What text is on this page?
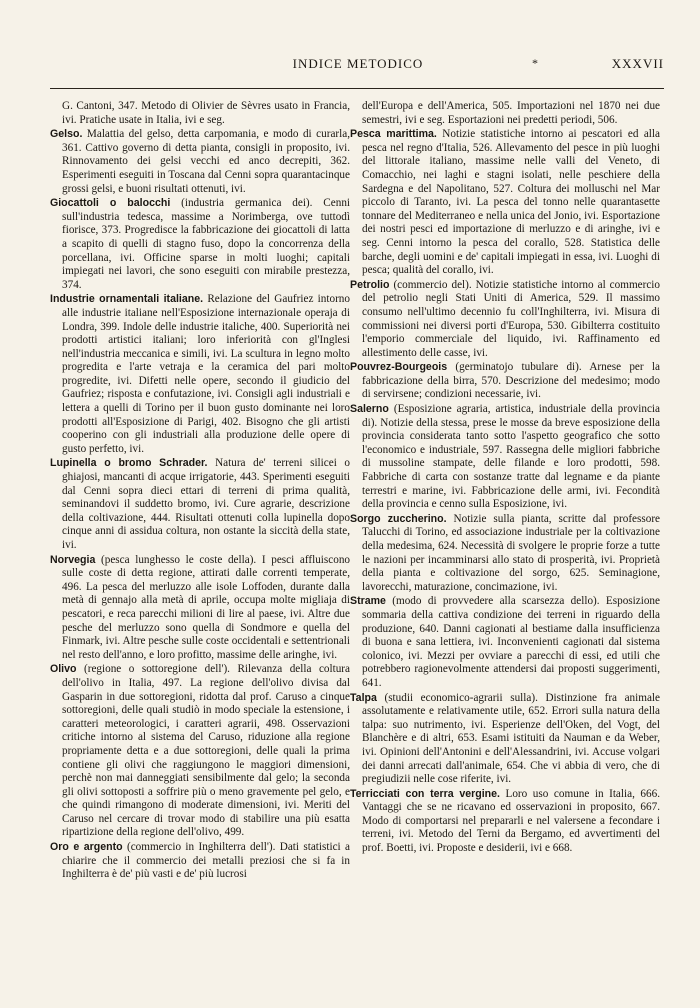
INDICE METODICO	*	XXXVII

G. Cantoni, 347. Metodo di Olivier de Sèvres usato in Francia, ivi. Pratiche usate in Italia, ivi e seg.

Gelso. Malattia del gelso, detta carpomania, e modo di curarla, 361. Cattivo governo di detta pianta, consigli in proposito, ivi. Rinnovamento dei gelsi vecchi ed anco decrepiti, 362. Esperimenti eseguiti in Toscana dal Cenni sopra quarantacinque grossi gelsi, e buoni risultati ottenuti, ivi.

Giocattoli o balocchi (industria germanica dei). Cenni sull'industria tedesca, massime a Norimberga, ove tuttodì fiorisce, 373. Progredisce la fabbricazione dei giocattoli di latta a scapito di quelli di stagno fuso, dopo la concorrenza della porcellana, ivi. Officine sparse in molti luoghi; capitali impiegati nei lavori, che sono eseguiti con mirabile prestezza, 374.

Industrie ornamentali italiane. Relazione del Gaufriez intorno alle industrie italiane nell'Esposizione internazionale operaja di Londra, 399. Indole delle industrie italiche, 400. Superiorità nei prodotti artistici italiani; loro inferiorità con gl'Inglesi nell'industria meccanica e simili, ivi. La scultura in legno molto progredita e l'arte vetraja e la ceramica del pari molto progredite, ivi. Difetti nelle opere, secondo il giudicio del Gaufriez; risposta e confutazione, ivi. Consigli agli industriali e lettera a quelli di Torino per il buon gusto dominante nei loro prodotti all'Esposizione di Parigi, 402. Bisogno che gli artisti cooperino con gli industriali alla produzione delle opere di gusto perfetto, ivi.

Lupinella o bromo Schrader. Natura de' terreni silicei o ghiajosi, mancanti di acque irrigatorie, 443. Sperimenti eseguiti dal Cenni sopra dieci ettari di terreni di prima qualità, seminandovi il suddetto bromo, ivi. Cure agrarie, descrizione della coltivazione, 444. Risultati ottenuti colla lupinella dopo cinque anni di assidua coltura, non ostante la siccità della state, ivi.

Norvegia (pesca lunghesso le coste della). I pesci affluiscono sulle coste di detta regione, attirati dalle correnti temperate, 496. La pesca del merluzzo alle isole Loffoden, durante dalla metà di gennajo alla metà di aprile, occupa molte migliaja di pescatori, e reca parecchi milioni di lire al paese, ivi. Altre due pesche del merluzzo sono quella di Sondmore e quella del Finmark, ivi. Altre pesche sulle coste occidentali e settentrionali nel resto dell'anno, e loro profitto, massime delle aringhe, ivi.

Olivo (regione o sottoregione dell'). Rilevanza della coltura dell'olivo in Italia, 497. La regione dell'olivo divisa dal Gasparin in due sottoregioni, ridotta dal prof. Caruso a cinque sottoregioni, delle quali studiò in modo speciale la estensione, i caratteri meteorologici, i caratteri agrarii, 498. Osservazioni critiche intorno al sistema del Caruso, riduzione alla regione propriamente detta e a due sottoregioni, delle quali la prima contiene gli olivi che raggiungono le maggiori dimensioni, perchè non mai danneggiati sensibilmente dal gelo; la seconda gli olivi sottoposti a soffrire più o meno gravemente pel gelo, e che quindi rimangono di moderate dimensioni, ivi. Meriti del Caruso nel cercare di trovar modo di stabilire una più esatta ripartizione della regione dell'olivo, 499.

Oro e argento (commercio in Inghilterra dell'). Dati statistici a chiarire che il commercio dei metalli preziosi che si fa in Inghilterra è de' più vasti e de' più lucrosi

dell'Europa e dell'America, 505. Importazioni nel 1870 nei due semestri, ivi e seg. Esportazioni nei predetti periodi, 506.

Pesca marittima. Notizie statistiche intorno ai pescatori ed alla pesca nel regno d'Italia, 526. Allevamento del pesce in più luoghi del littorale italiano, massime nelle valli del Veneto, di Comacchio, nei laghi e stagni isolati, nelle peschiere della Sardegna e del Napolitano, 527. Coltura dei molluschi nel Mar piccolo di Taranto, ivi. La pesca del tonno nelle quarantasette tonnare del Mediterraneo e nella unica del Jonio, ivi. Esportazione dei nostri pesci ed importazione di merluzzo e di aringhe, ivi e seg. Cenni intorno la pesca del corallo, 528. Statistica delle barche, degli uomini e de' capitali impiegati in essa, ivi. Luoghi di pesca; qualità del corallo, ivi.

Petrolio (commercio del). Notizie statistiche intorno al commercio del petrolio negli Stati Uniti di America, 529. Il massimo consumo nell'ultimo decennio fu coll'Inghilterra, ivi. Misura di commissioni nei diversi porti d'Europa, 530. Gibilterra costituito l'emporio commerciale del liquido, ivi. Raffinamento ed allestimento delle casse, ivi.

Pouvrez-Bourgeois (germinatojo tubulare di). Arnese per la fabbricazione della birra, 570. Descrizione del medesimo; modo di servirsene; condizioni necessarie, ivi.

Salerno (Esposizione agraria, artistica, industriale della provincia di). Notizie della stessa, prese le mosse da breve esposizione della provincia considerata tanto sotto l'aspetto geografico che sotto l'economico e industriale, 597. Rassegna delle migliori fabbriche di mussoline stampate, delle filande e loro prodotti, 598. Fabbriche di carta con sostanze tratte dal legname e da piante terrestri e marine, ivi. Fabbricazione delle armi, ivi. Fecondità della provincia e cenno sulla Esposizione, ivi.

Sorgo zuccherino. Notizie sulla pianta, scritte dal professore Talucchi di Torino, ed associazione industriale per la coltivazione della medesima, 624. Necessità di svolgere le proprie forze a tutte le nazioni per incamminarsi allo stato di prosperità, ivi. Proprietà della pianta e coltivazione del sorgo, 625. Seminagione, lavorecchi, maturazione, concimazione, ivi.

Strame (modo di provvedere alla scarsezza dello). Esposizione sommaria della cattiva condizione dei terreni in riguardo della produzione, 640. Danni cagionati al bestiame dalla insufficienza di buona e sana lettiera, ivi. Inconvenienti cagionati dal sistema colonico, ivi. Mezzi per ovviare a parecchi di essi, ed utili che potrebbero ragionevolmente attendersi dai proposti suggerimenti, 641.

Talpa (studii economico-agrarii sulla). Distinzione fra animale assolutamente e relativamente utile, 652. Errori sulla natura della talpa: suo nutrimento, ivi. Esperienze dell'Oken, del Vogt, del Blanchère e di altri, 653. Esami istituiti da Nauman e da Weber, ivi. Opinioni dell'Antonini e dell'Alessandrini, ivi. Accuse volgari dei danni arrecati dall'animale, 654. Che vi abbia di vero, che di pregiudizii nelle cose riferite, ivi.

Terricciati con terra vergine. Loro uso comune in Italia, 666. Vantaggi che se ne ricavano ed osservazioni in proposito, 667. Modo di comportarsi nel prepararli e nel valersene a fecondare i terreni, ivi. Metodo del Terni da Bergamo, ed avvertimenti del prof. Boetti, ivi. Proposte e desiderii, ivi e 668.
